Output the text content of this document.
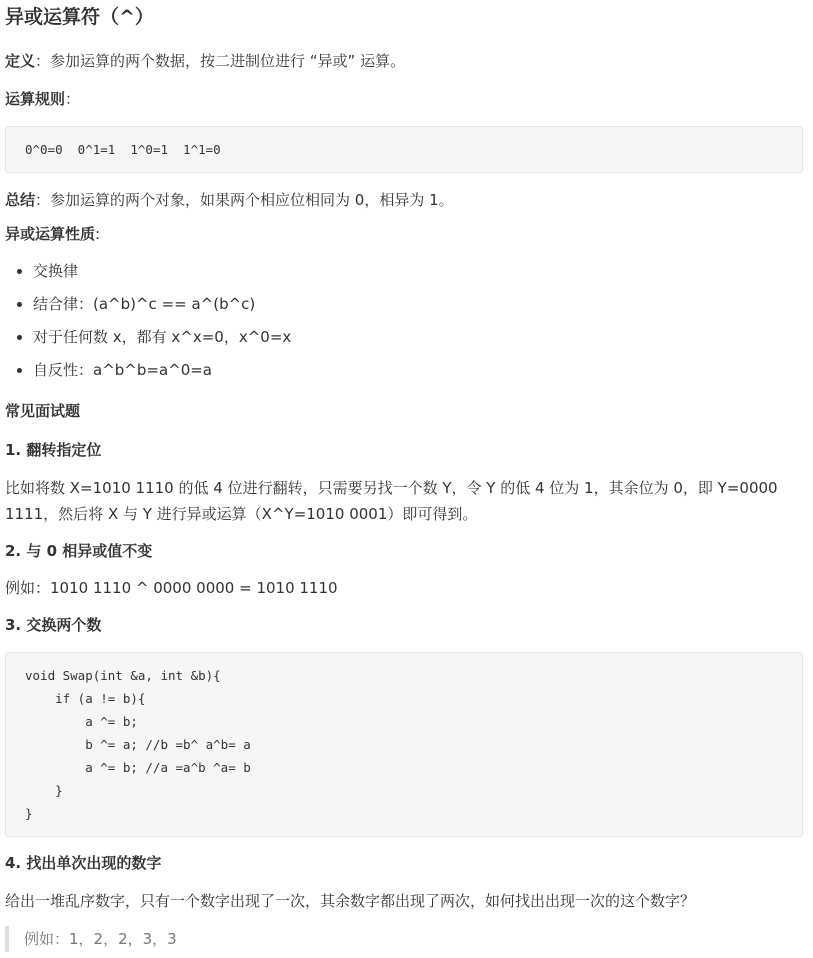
异或运算符（^）

定义：参加运算的两个数据，按二进制位进行 “异或” 运算。

运算规则：

0^0=0  0^1=1  1^0=1  1^1=0

总结：参加运算的两个对象，如果两个相应位相同为 0，相异为 1。

异或运算性质:

• 交换律
• 结合律：(a^b)^c == a^(b^c)
• 对于任何数 x，都有 x^x=0，x^0=x
• 自反性：a^b^b=a^0=a

常见面试题

1. 翻转指定位

比如将数 X=1010 1110 的低 4 位进行翻转，只需要另找一个数 Y，令 Y 的低 4 位为 1，其余位为 0，即 Y=0000 1111，然后将 X 与 Y 进行异或运算（X^Y=1010 0001）即可得到。

2. 与 0 相异或值不变

例如：1010 1110 ^ 0000 0000 = 1010 1110

3. 交换两个数

void Swap(int &a, int &b){
if (a != b){
a ^= b;
b ^= a; //b =b^ a^b= a
a ^= b; //a =a^b ^a= b
}
}

4. 找出单次出现的数字

给出一堆乱序数字，只有一个数字出现了一次，其余数字都出现了两次，如何找出出现一次的这个数字？

例如：1，2，2，3，3
